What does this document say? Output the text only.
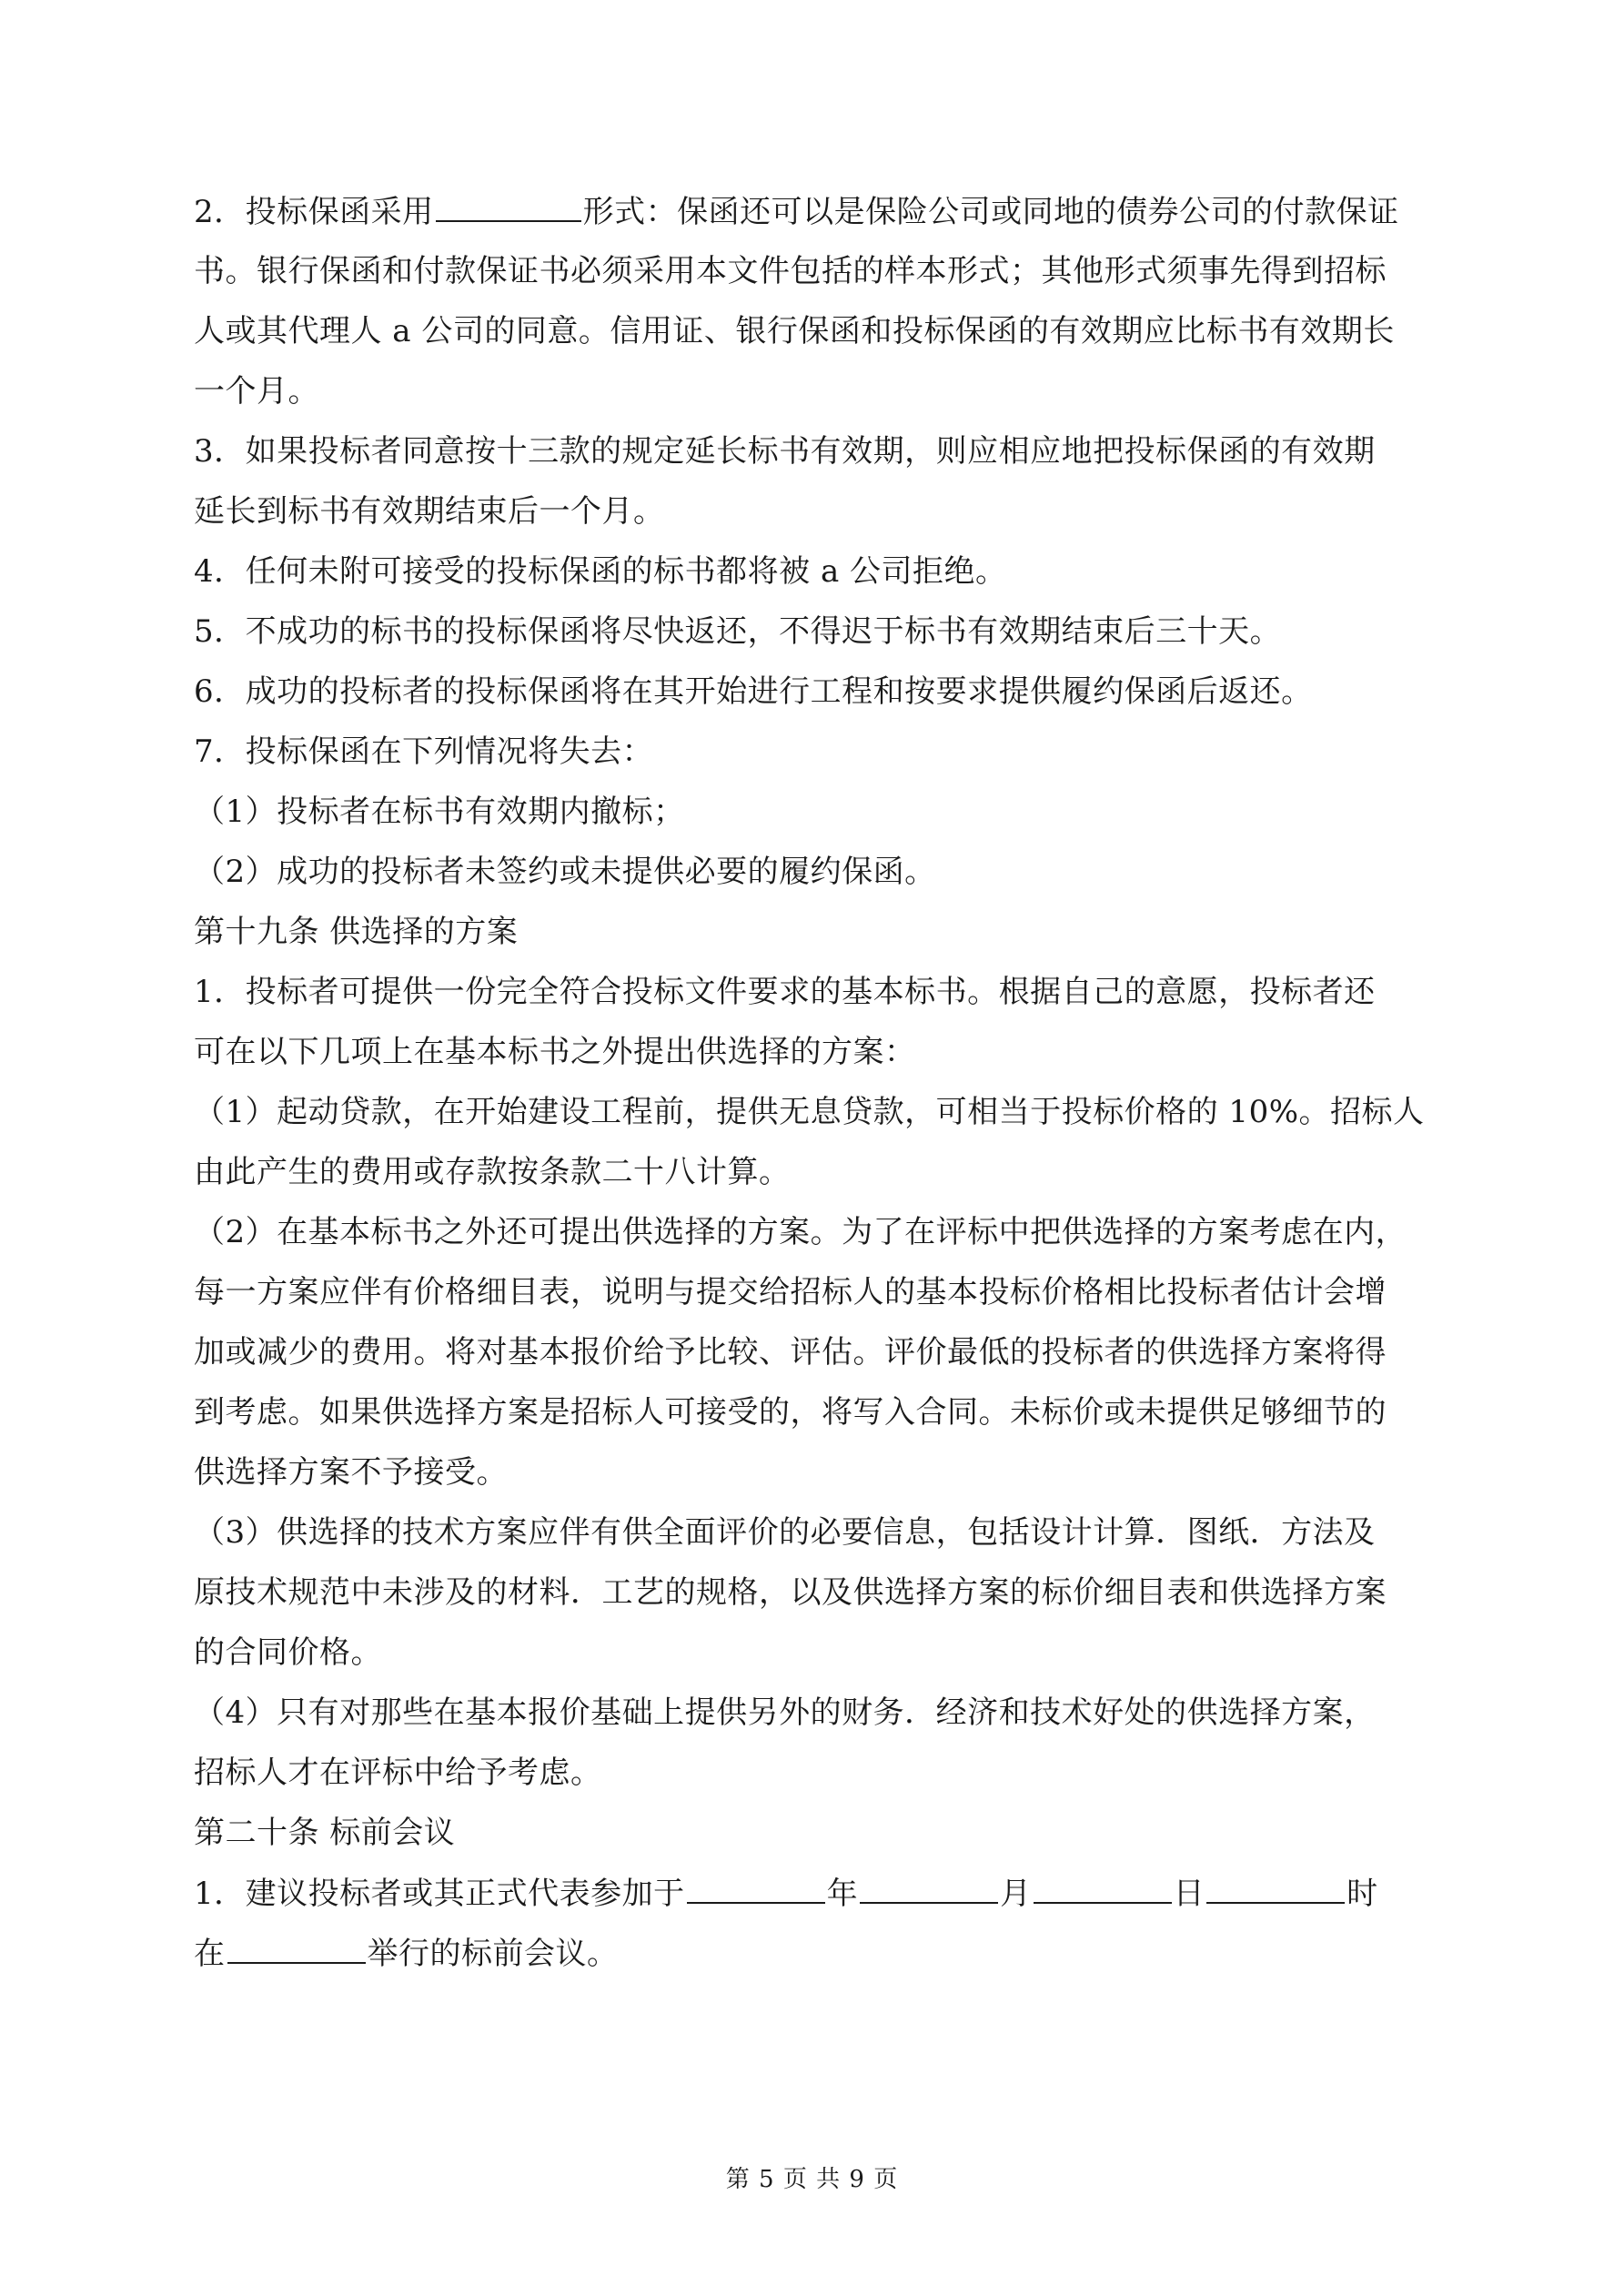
2．投标保函采用	形式：保函还可以是保险公司或同地的债券公司的付款保证
书。银行保函和付款保证书必须采用本文件包括的样本形式；其他形式须事先得到招标
人或其代理人 a 公司的同意。信用证、银行保函和投标保函的有效期应比标书有效期长
一个月。
3．如果投标者同意按十三款的规定延长标书有效期，则应相应地把投标保函的有效期
延长到标书有效期结束后一个月。
4．任何未附可接受的投标保函的标书都将被 a 公司拒绝。
5．不成功的标书的投标保函将尽快返还，不得迟于标书有效期结束后三十天。
6．成功的投标者的投标保函将在其开始进行工程和按要求提供履约保函后返还。
7．投标保函在下列情况将失去：
（1）投标者在标书有效期内撤标；
（2）成功的投标者未签约或未提供必要的履约保函。
第十九条 供选择的方案
1．投标者可提供一份完全符合投标文件要求的基本标书。根据自己的意愿，投标者还
可在以下几项上在基本标书之外提出供选择的方案：
（1）起动贷款，在开始建设工程前，提供无息贷款，可相当于投标价格的 10%。招标人
由此产生的费用或存款按条款二十八计算。
（2）在基本标书之外还可提出供选择的方案。为了在评标中把供选择的方案考虑在内，
每一方案应伴有价格细目表，说明与提交给招标人的基本投标价格相比投标者估计会增
加或减少的费用。将对基本报价给予比较、评估。评价最低的投标者的供选择方案将得
到考虑。如果供选择方案是招标人可接受的，将写入合同。未标价或未提供足够细节的
供选择方案不予接受。
（3）供选择的技术方案应伴有供全面评价的必要信息，包括设计计算．图纸．方法及
原技术规范中未涉及的材料．工艺的规格，以及供选择方案的标价细目表和供选择方案
的合同价格。
（4）只有对那些在基本报价基础上提供另外的财务．经济和技术好处的供选择方案，
招标人才在评标中给予考虑。
第二十条 标前会议
1．建议投标者或其正式代表参加于	年	月	日	时
在	举行的标前会议。
第 5 页 共 9 页
